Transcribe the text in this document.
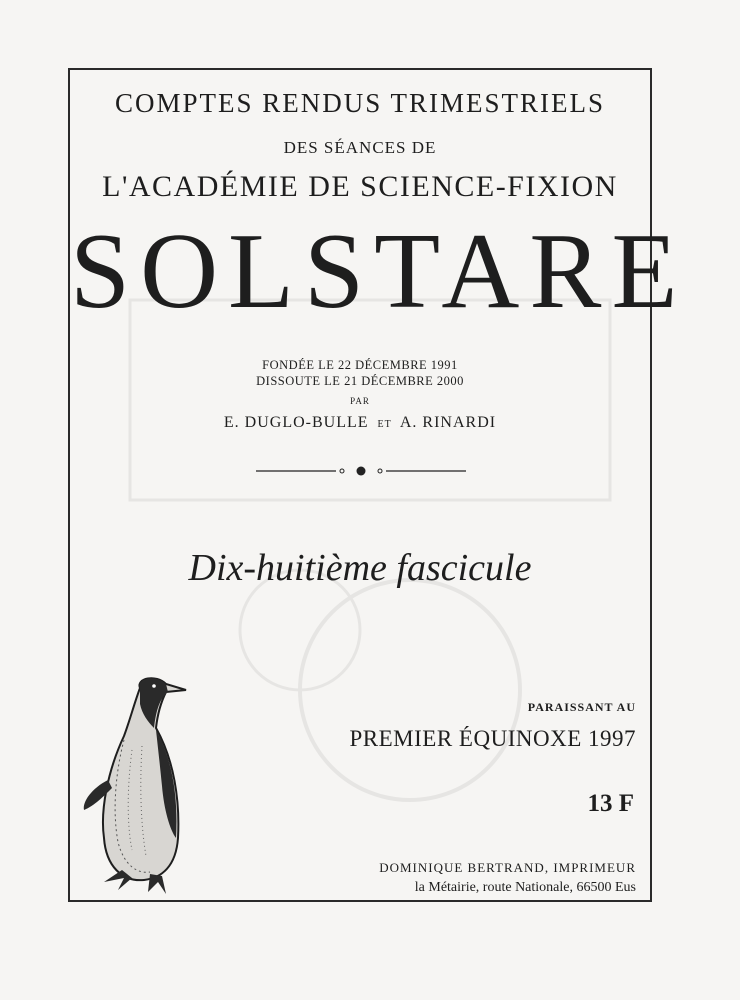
COMPTES RENDUS TRIMESTRIELS
DES SÉANCES DE
L'ACADÉMIE DE SCIENCE-FIXION
SOLSTARE
FONDÉE LE 22 DÉCEMBRE 1991
DISSOUTE LE 21 DÉCEMBRE 2000
PAR
E. DUGLO-BULLE ET A. RINARDI
Dix-huitième fascicule
PARAISSANT AU
PREMIER ÉQUINOXE 1997
13 F
DOMINIQUE BERTRAND, IMPRIMEUR
la Métairie, route Nationale, 66500 Eus
